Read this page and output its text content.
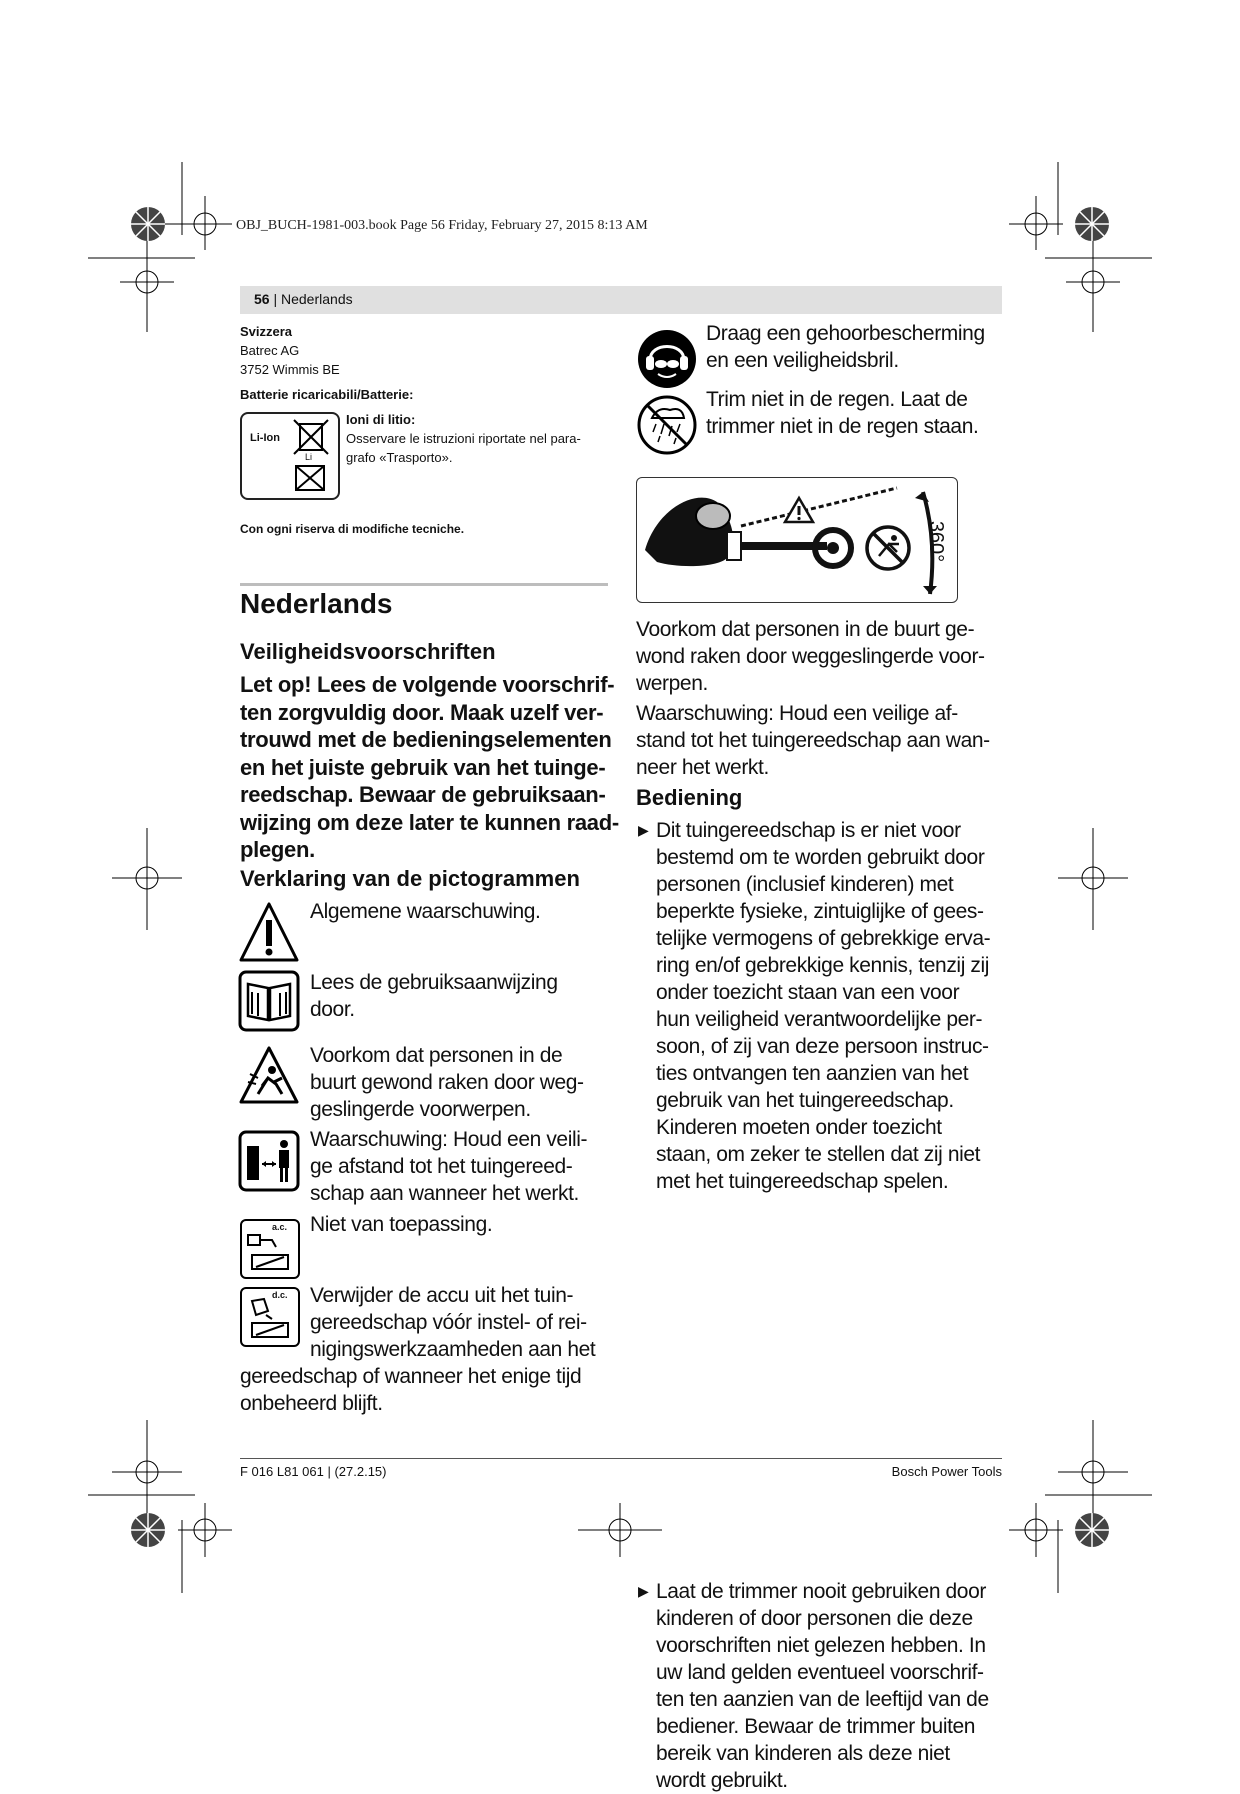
OBJ_BUCH-1981-003.book Page 56 Friday, February 27, 2015 8:13 AM
56 | Nederlands
Svizzera
Batrec AG
3752 Wimmis BE
Batterie ricaricabili/Batterie:
Li-Ion
Li
Ioni di litio:
Osservare le istruzioni riportate nel para-
grafo «Trasporto».
Con ogni riserva di modifiche tecniche.
Nederlands
Veiligheidsvoorschriften
Let op! Lees de volgende voorschrif-
ten zorgvuldig door. Maak uzelf ver-
trouwd met de bedieningselementen
en het juiste gebruik van het tuinge-
reedschap. Bewaar de gebruiksaan-
wijzing om deze later te kunnen raad-
plegen.
Verklaring van de pictogrammen
Algemene waarschuwing.
Lees de gebruiksaanwijzing
door.
Voorkom dat personen in de
buurt gewond raken door weg-
geslingerde voorwerpen.
Waarschuwing: Houd een veili-
ge afstand tot het tuingereed-
schap aan wanneer het werkt.
a.c. Niet van toepassing.
d.c. Verwijder de accu uit het tuin-
gereedschap vóór instel- of rei-
nigingswerkzaamheden aan het
gereedschap of wanneer het enige tijd
onbeheerd blijft.
Draag een gehoorbescherming
en een veiligheidsbril.
Trim niet in de regen. Laat de
trimmer niet in de regen staan.
360°
Voorkom dat personen in de buurt ge-
wond raken door weggeslingerde voor-
werpen.
Waarschuwing: Houd een veilige af-
stand tot het tuingereedschap aan wan-
neer het werkt.
Bediening
▶ Dit tuingereedschap is er niet voor
bestemd om te worden gebruikt door
personen (inclusief kinderen) met
beperkte fysieke, zintuiglijke of gees-
telijke vermogens of gebrekkige erva-
ring en/of gebrekkige kennis, tenzij zij
onder toezicht staan van een voor
hun veiligheid verantwoordelijke per-
soon, of zij van deze persoon instruc-
ties ontvangen ten aanzien van het
gebruik van het tuingereedschap.
Kinderen moeten onder toezicht
staan, om zeker te stellen dat zij niet
met het tuingereedschap spelen.
▶ Laat de trimmer nooit gebruiken door
kinderen of door personen die deze
voorschriften niet gelezen hebben. In
uw land gelden eventueel voorschrif-
ten ten aanzien van de leeftijd van de
bediener. Bewaar de trimmer buiten
bereik van kinderen als deze niet
wordt gebruikt.
F 016 L81 061 | (27.2.15)	Bosch Power Tools
